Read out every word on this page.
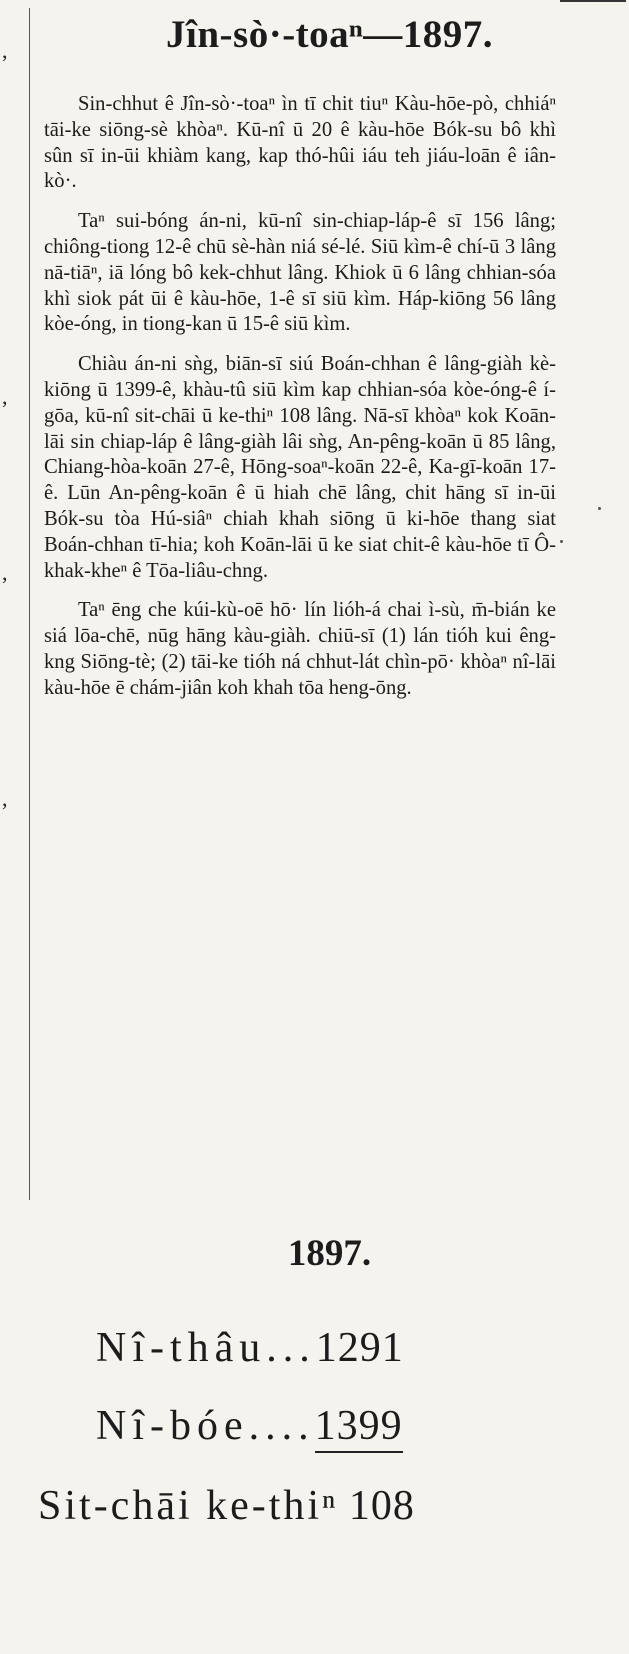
,
,
,
,
Jîn-sò·-toaⁿ—1897.

Sin-chhut ê Jîn-sò·-toaⁿ ìn tī chit tiuⁿ Kàu-hōe-pò, chhiáⁿ tāi-ke siōng-sè khòaⁿ. Kū-nî ū 20 ê kàu-hōe Bók-su bô khì sûn sī in-ūi khiàm kang, kap thó-hûi iáu teh jiáu-loān ê iân-kò·.

Taⁿ sui-bóng án-ni, kū-nî sin-chiap-láp-ê sī 156 lâng; chiông-tiong 12-ê chū sè-hàn niá sé-lé. Siū kìm-ê chí-ū 3 lâng nā-tiāⁿ, iā lóng bô kek-chhut lâng. Khiok ū 6 lâng chhian-sóa khì siok pát ūi ê kàu-hōe, 1-ê sī siū kìm. Háp-kiōng 56 lâng kòe-óng, in tiong-kan ū 15-ê siū kìm.

Chiàu án-ni sǹg, biān-sī siú Boán-chhan ê lâng-giàh kè-kiōng ū 1399-ê, khàu-tû siū kìm kap chhian-sóa kòe-óng-ê í-gōa, kū-nî sit-chāi ū ke-thiⁿ 108 lâng. Nā-sī khòaⁿ kok Koān-lāi sin chiap-láp ê lâng-giàh lâi sǹg, An-pêng-koān ū 85 lâng, Chiang-hòa-koān 27-ê, Hōng-soaⁿ-koān 22-ê, Ka-gī-koān 17-ê. Lūn An-pêng-koān ê ū hiah chē lâng, chit hāng sī in-ūi Bók-su tòa Hú-siâⁿ chiah khah siōng ū ki-hōe thang siat Boán-chhan tī-hia; koh Koān-lāi ū ke siat chit-ê kàu-hōe tī Ô-khak-kheⁿ ê Tōa-liâu-chng.

Taⁿ ēng che kúi-kù-oē hō· lín lióh-á chai ì-sù, m̄-bián ke siá lōa-chē, nūg hāng kàu-giàh. chiū-sī (1) lán tióh kui êng-kng Siōng-tè; (2) tāi-ke tióh ná chhut-lát chìn-pō· khòaⁿ nî-lāi kàu-hōe ē chám-jiân koh khah tōa heng-ōng.

1897.
Nî-thâu...1291
Nî-bóe....1399
Sit-chāi ke-thiⁿ 108
